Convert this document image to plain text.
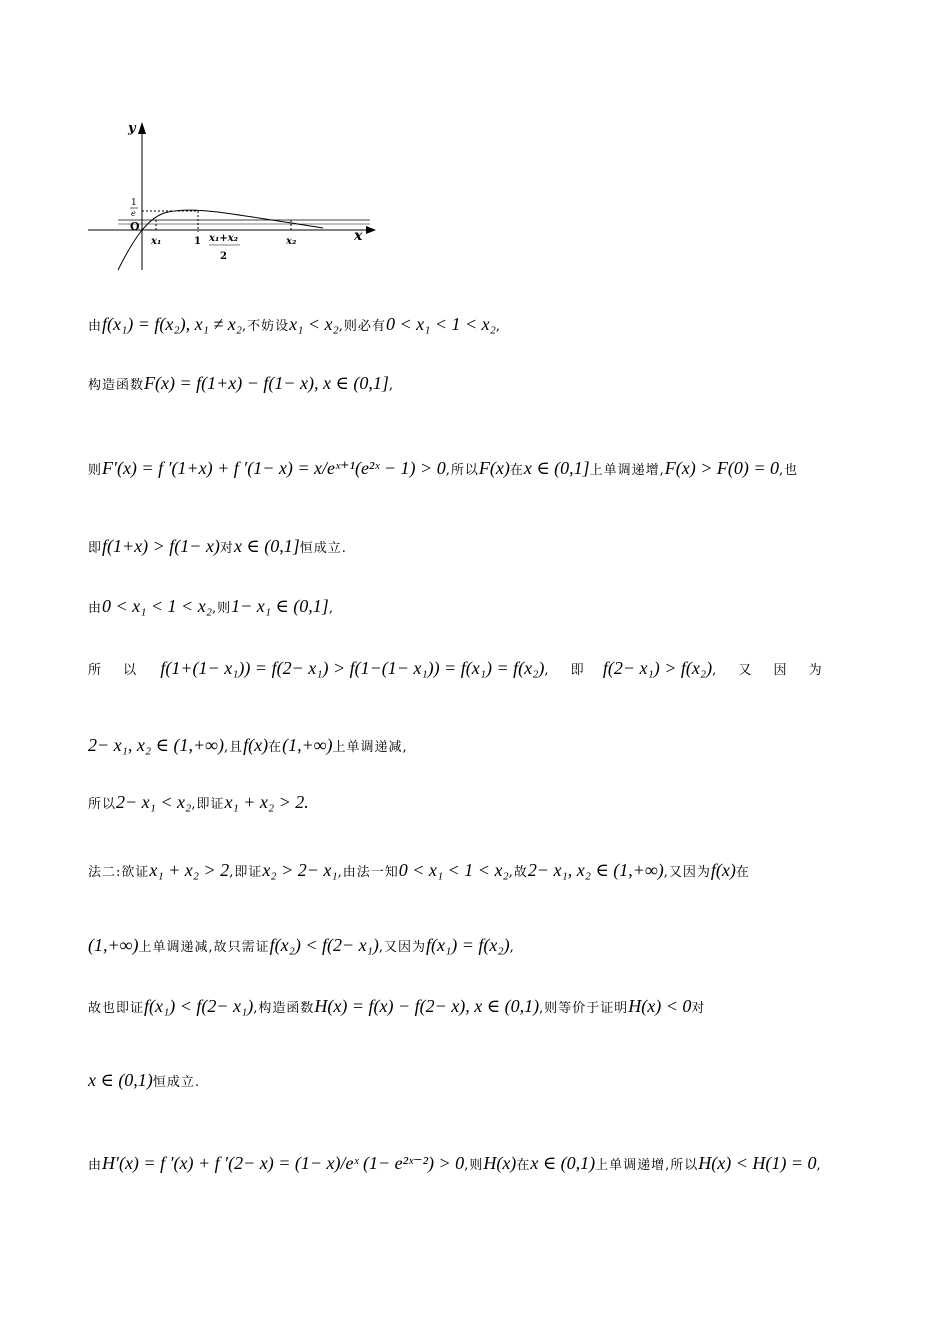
y
x
O
1
e
x₁	1 x₁+x₂
2
x₂
由f(x₁) = f(x₂), x₁ ≠ x₂,不妨设x₁ < x₂,则必有0 < x₁ < 1 < x₂,
构造函数F(x) = f(1+x) − f(1− x), x ∈ (0,1],
则F′(x) = f ′(1+x) + f ′(1− x) = x/eˣ⁺¹(e²ˣ − 1) > 0,所以F(x)在x ∈ (0,1]上单调递增,F(x) > F(0) = 0,也
即f(1+x) > f(1− x)对x ∈ (0,1]恒成立.
由0 < x₁ < 1 < x₂,则1− x₁ ∈ (0,1],
所 以 f(1+(1− x₁)) = f(2− x₁) > f(1−(1− x₁)) = f(x₁) = f(x₂), 即 f(2− x₁) > f(x₂), 又 因 为
2− x₁, x₂ ∈ (1,+∞),且f(x)在(1,+∞)上单调递减,
所以2− x₁ < x₂,即证x₁ + x₂ > 2.
法二:欲证x₁ + x₂ > 2,即证x₂ > 2− x₁,由法一知0 < x₁ < 1 < x₂,故2− x₁, x₂ ∈ (1,+∞),又因为f(x)在
(1,+∞)上单调递减,故只需证f(x₂) < f(2− x₁),又因为f(x₁) = f(x₂),
故也即证f(x₁) < f(2− x₁),构造函数H(x) = f(x) − f(2− x), x ∈ (0,1),则等价于证明H(x) < 0对
x ∈ (0,1)恒成立.
由H′(x) = f ′(x) + f ′(2− x) = (1− x)/eˣ (1− e²ˣ⁻²) > 0,则H(x)在x ∈ (0,1)上单调递增,所以H(x) < H(1) = 0,
